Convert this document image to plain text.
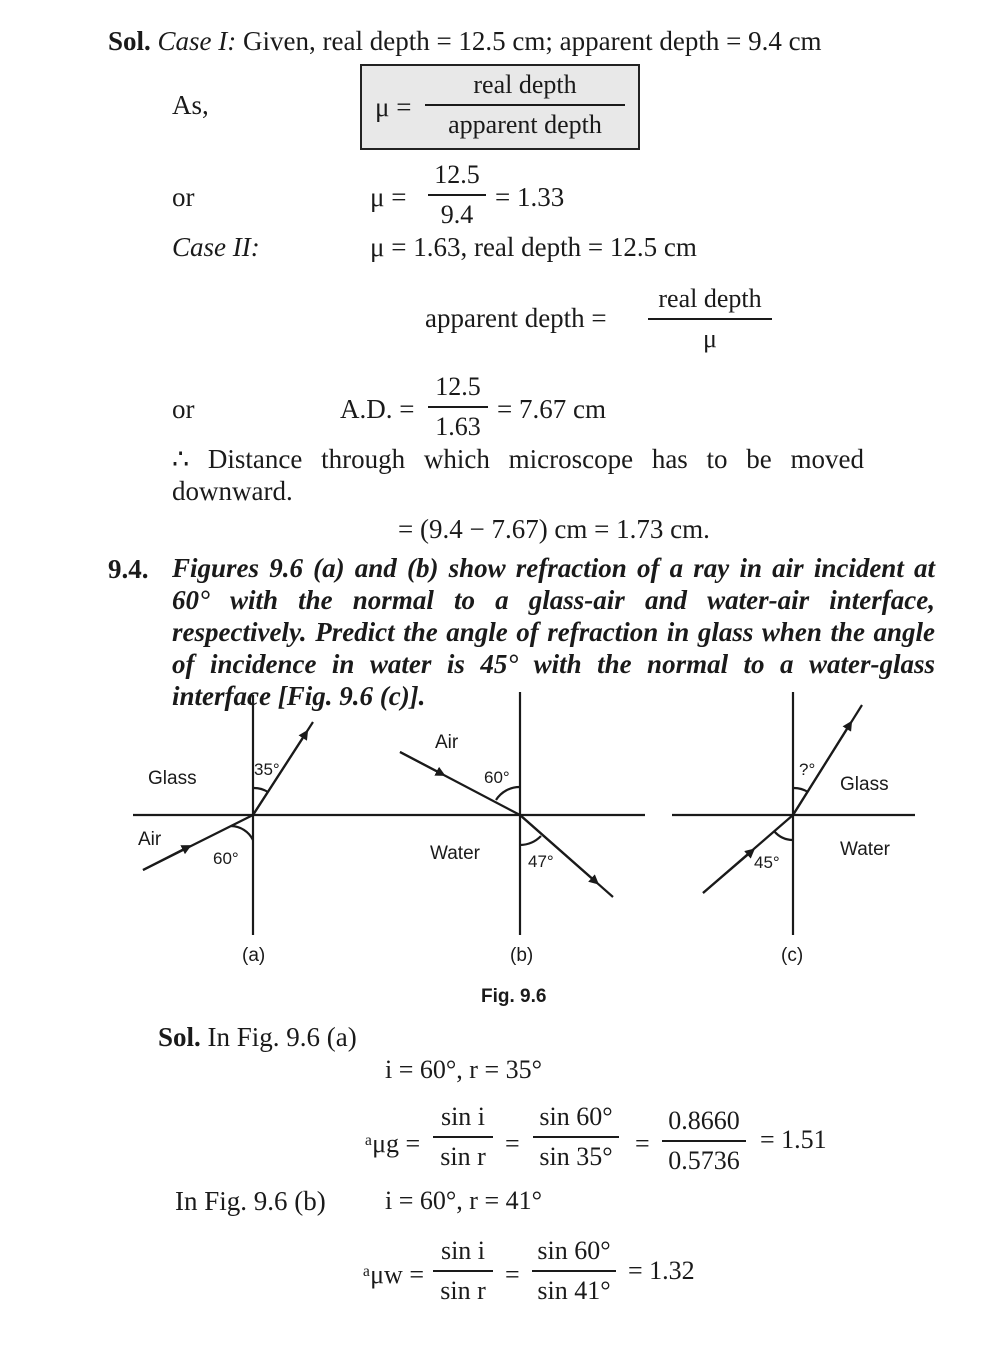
Sol. Case I: Given, real depth = 12.5 cm; apparent depth = 9.4 cm
As,	μ =
real depth
apparent depth
or	μ =
12.5
9.4
= 1.33
Case II:	μ = 1.63, real depth = 12.5 cm
apparent depth =
real depth
μ
or	A.D. =
12.5
1.63
= 7.67 cm
∴ Distance through which microscope has to be moved
downward.
= (9.4 − 7.67) cm = 1.73 cm.
9.4. Figures 9.6 (a) and (b) show refraction of a ray in air incident at 60° with the normal to a glass-air and water-air interface, respectively. Predict the angle of refraction in glass when the angle of incidence in water is 45° with the normal to a water-glass interface [Fig. 9.6 (c)].
Glass
Air
35°
60°
(a)
Air
Water
60°
47°
(b)
Glass
Water
?°
45°
(c)
Fig. 9.6
Sol. In Fig. 9.6 (a)
i = 60°, r = 35°
ᵃμg =
sin i
sin r =
sin 60°
sin 35° =
0.8660
0.5736
= 1.51
In Fig. 9.6 (b) i = 60°, r = 41°
ᵃμw =
sin i
sin r
=
sin 60°
sin 41°
= 1.32
